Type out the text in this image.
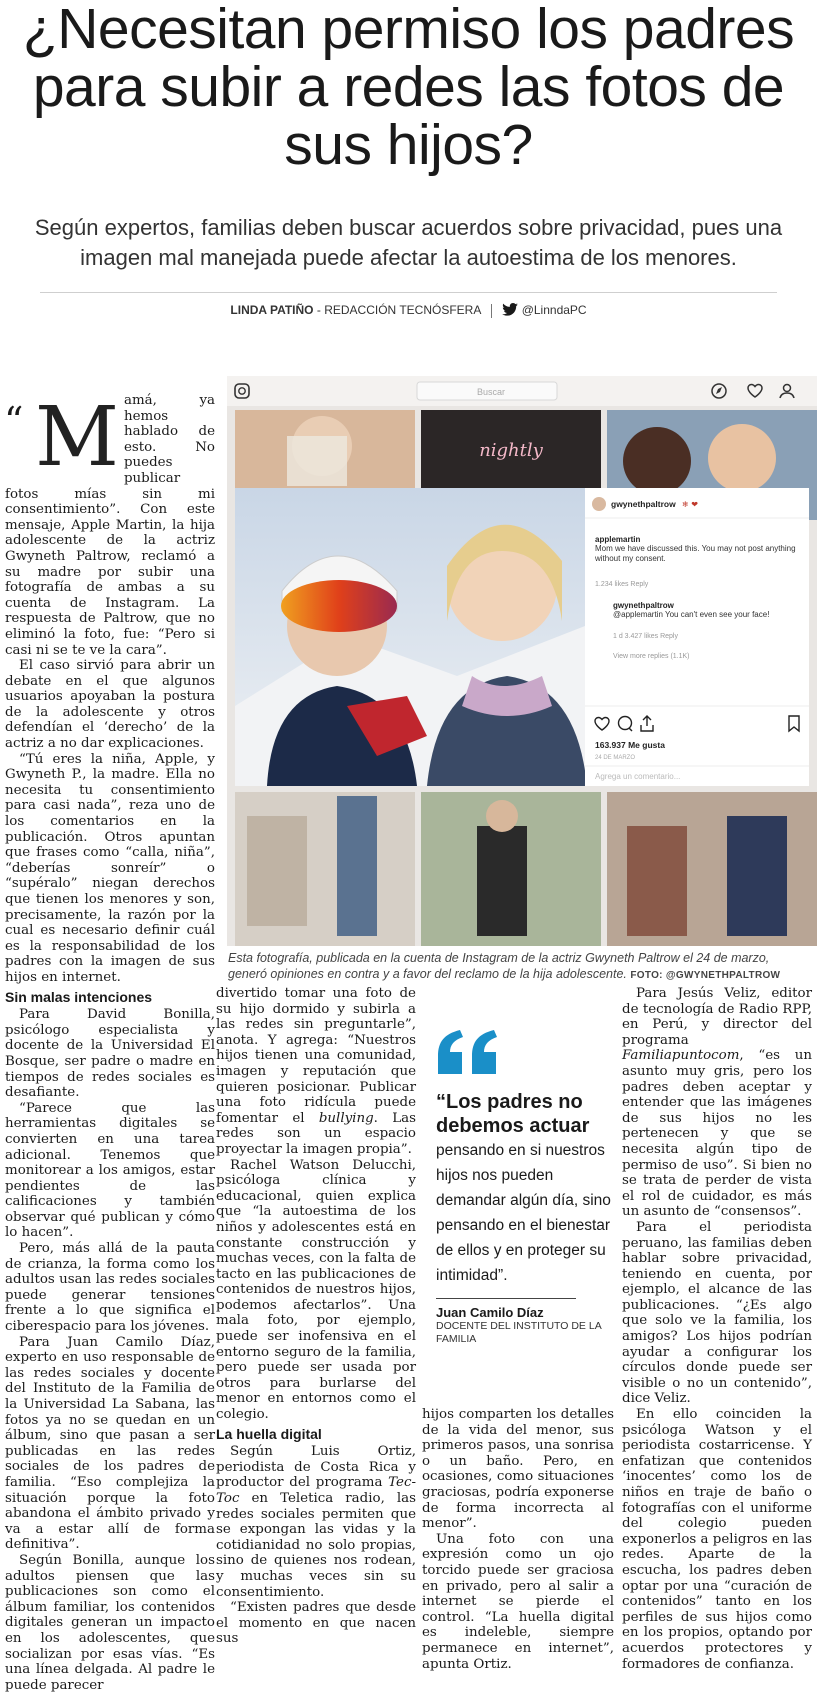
¿Necesitan permiso los padres para subir a redes las fotos de sus hijos?

Según expertos, familias deben buscar acuerdos sobre privacidad, pues una imagen mal manejada puede afectar la autoestima de los menores.

LINDA PATIÑO - REDACCIÓN TECNÓSFERA	@LinndaPC
Buscar
nightly
gwynethpaltrow ❄ ❤
applemartin
Mom we have discussed this. You may not post anything without my consent.
1.234 likes Reply
gwynethpaltrow
@applemartin You can't even see your face!
1 d 3.427 likes Reply
View more replies (1.1K)
163.937 Me gusta
24 DE MARZO
Agrega un comentario...
Esta fotografía, publicada en la cuenta de Instagram de la actriz Gwyneth Paltrow el 24 de marzo, generó opiniones en contra y a favor del reclamo de la hija adolescente. FOTO: @GWYNETHPALTROW
“ Mamá, ya hemos hablado de esto. No puedes publicar fotos mías sin mi consentimiento”. Con este mensaje, Apple Martin, la hija adolescente de la actriz Gwyneth Paltrow, reclamó a su madre por subir una fotografía de ambas a su cuenta de Instagram. La respuesta de Paltrow, que no eliminó la foto, fue: “Pero si casi ni se te ve la cara”.

El caso sirvió para abrir un debate en el que algunos usuarios apoyaban la postura de la adolescente y otros defendían el ‘derecho’ de la actriz a no dar explicaciones.

“Tú eres la niña, Apple, y Gwyneth P., la madre. Ella no necesita tu consentimiento para casi nada”, reza uno de los comentarios en la publicación. Otros apuntan que frases como “calla, niña”, “deberías sonreír” o “supéralo” niegan derechos que tienen los menores y son, precisamente, la razón por la cual es necesario definir cuál es la responsabilidad de los padres con la imagen de sus hijos en internet.

Sin malas intenciones

Para David Bonilla, psicólogo especialista y docente de la Universidad El Bosque, ser padre o madre en tiempos de redes sociales es desafiante.

“Parece que las herramientas digitales se convierten en una tarea adicional. Tenemos que monitorear a los amigos, estar pendientes de las calificaciones y también observar qué publican y cómo lo hacen”.

Pero, más allá de la pauta de crianza, la forma como los adultos usan las redes sociales puede generar tensiones frente a lo que significa el ciberespacio para los jóvenes.

Para Juan Camilo Díaz, experto en uso responsable de las redes sociales y docente del Instituto de la Familia de la Universidad La Sabana, las fotos ya no se quedan en un álbum, sino que pasan a ser publicadas en las redes sociales de los padres de familia. “Eso complejiza la situación porque la foto abandona el ámbito privado y va a estar allí de forma definitiva”.

Según Bonilla, aunque los adultos piensen que las publicaciones son como el álbum familiar, los contenidos digitales generan un impacto en los adolescentes, que socializan por esas vías. “Es una línea delgada. Al padre le puede parecer

divertido tomar una foto de su hijo dormido y subirla a las redes sin preguntarle”, anota. Y agrega: “Nuestros hijos tienen una comunidad, imagen y reputación que quieren posicionar. Publicar una foto ridícula puede fomentar el bullying. Las redes son un espacio proyectar la imagen propia”.

Rachel Watson Delucchi, psicóloga clínica y educacional, quien explica que “la autoestima de los niños y adolescentes está en constante construcción y muchas veces, con la falta de tacto en las publicaciones de contenidos de nuestros hijos, podemos afectarlos”. Una mala foto, por ejemplo, puede ser inofensiva en el entorno seguro de la familia, pero puede ser usada por otros para burlarse del menor en entornos como el colegio.

La huella digital

Según Luis Ortiz, periodista de Costa Rica y productor del programa Tec-Toc en Teletica radio, las redes sociales permiten que se expongan las vidas y la cotidianidad no solo propias, sino de quienes nos rodean, y muchas veces sin su consentimiento.

“Existen padres que desde el momento en que nacen sus

“Los padres no debemos actuar
pensando en si nuestros hijos nos pueden demandar algún día, sino pensando en el bienestar de ellos y en proteger su intimidad”.
Juan Camilo Díaz
DOCENTE DEL INSTITUTO DE LA FAMILIA

hijos comparten los detalles de la vida del menor, sus primeros pasos, una sonrisa o un baño. Pero, en ocasiones, como situaciones graciosas, podría exponerse de forma incorrecta al menor”.

Una foto con una expresión como un ojo torcido puede ser graciosa en privado, pero al salir a internet se pierde el control. “La huella digital es indeleble, siempre permanece en internet”, apunta Ortiz.

Para Jesús Veliz, editor de tecnología de Radio RPP, en Perú, y director del programa Familiapuntocom, “es un asunto muy gris, pero los padres deben aceptar y entender que las imágenes de sus hijos no les pertenecen y que se necesita algún tipo de permiso de uso”. Si bien no se trata de perder de vista el rol de cuidador, es más un asunto de “consensos”.

Para el periodista peruano, las familias deben hablar sobre privacidad, teniendo en cuenta, por ejemplo, el alcance de las publicaciones. “¿Es algo que solo ve la familia, los amigos? Los hijos podrían ayudar a configurar los círculos donde puede ser visible o no un contenido”, dice Veliz.

En ello coinciden la psicóloga Watson y el periodista costarricense. Y enfatizan que contenidos ‘inocentes’ como los de niños en traje de baño o fotografías con el uniforme del colegio pueden exponerlos a peligros en las redes. Aparte de la escucha, los padres deben optar por una “curación de contenidos” tanto en los perfiles de sus hijos como en los propios, optando por acuerdos protectores y formadores de confianza.
